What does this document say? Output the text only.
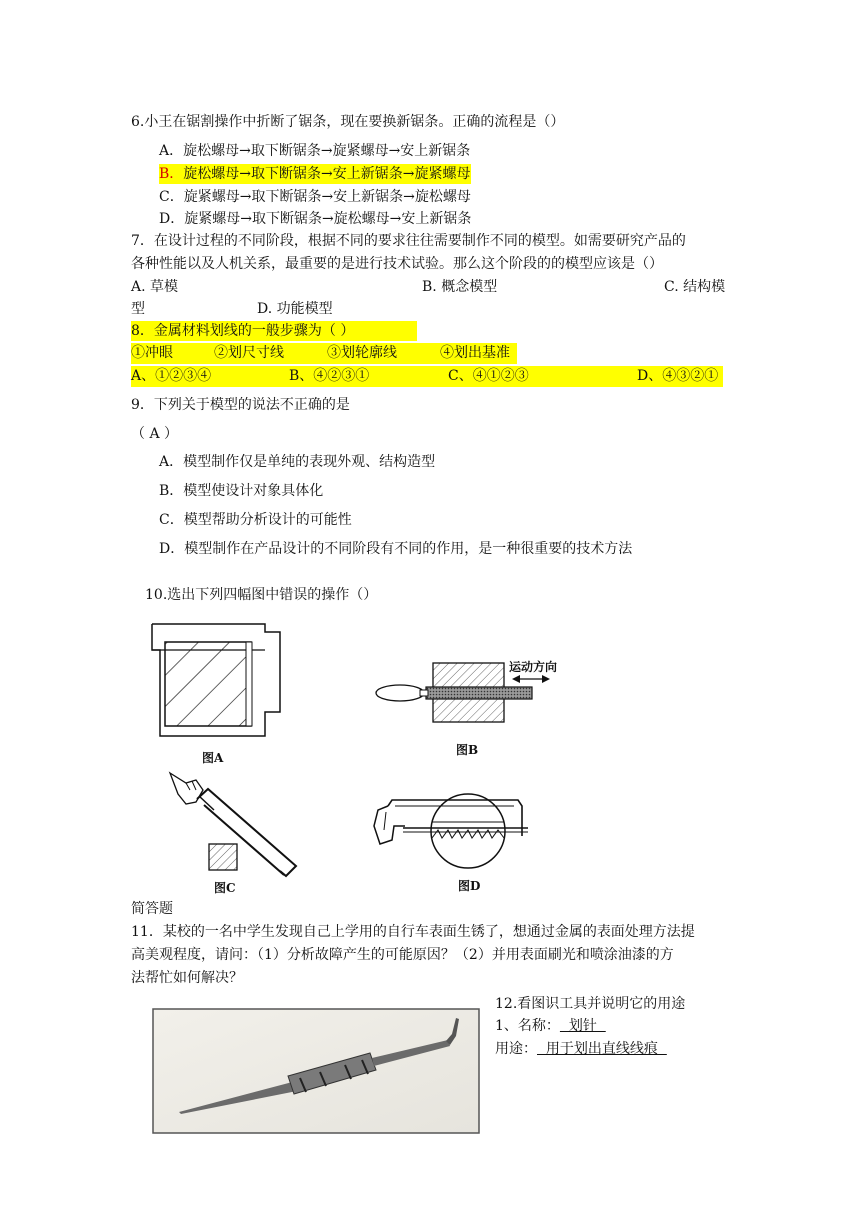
6.小王在锯割操作中折断了锯条，现在要换新锯条。正确的流程是（）
A．旋松螺母→取下断锯条→旋紧螺母→安上新锯条
B．旋松螺母→取下断锯条→安上新锯条→旋紧螺母
C．旋紧螺母→取下断锯条→安上新锯条→旋松螺母
D．旋紧螺母→取下断锯条→旋松螺母→安上新锯条
7．在设计过程的不同阶段，根据不同的要求往往需要制作不同的模型。如需要研究产品的
各种性能以及人机关系，最重要的是进行技术试验。那么这个阶段的的模型应该是（）
A. 草模	B. 概念模型	C. 结构模
型	D. 功能模型
8．金属材料划线的一般步骤为（ ）
①冲眼	②划尺寸线	③划轮廓线	④划出基准
A、①②③④	B、④②③①	C、④①②③	D、④③②①
9．下列关于模型的说法不正确的是
（ A ）
A．模型制作仅是单纯的表现外观、结构造型
B．模型使设计对象具体化
C．模型帮助分析设计的可能性
D．模型制作在产品设计的不同阶段有不同的作用，是一种很重要的技术方法
10.选出下列四幅图中错误的操作（）
图A
运动方向
图B
图C	图D
简答题
11．某校的一名中学生发现自己上学用的自行车表面生锈了，想通过金属的表面处理方法提
高美观程度，请问：（1）分析故障产生的可能原因？（2）并用表面刷光和喷涂油漆的方
法帮忙如何解决？
12.看图识工具并说明它的用途
1、名称：  划针
用途：  用于划出直线线痕
